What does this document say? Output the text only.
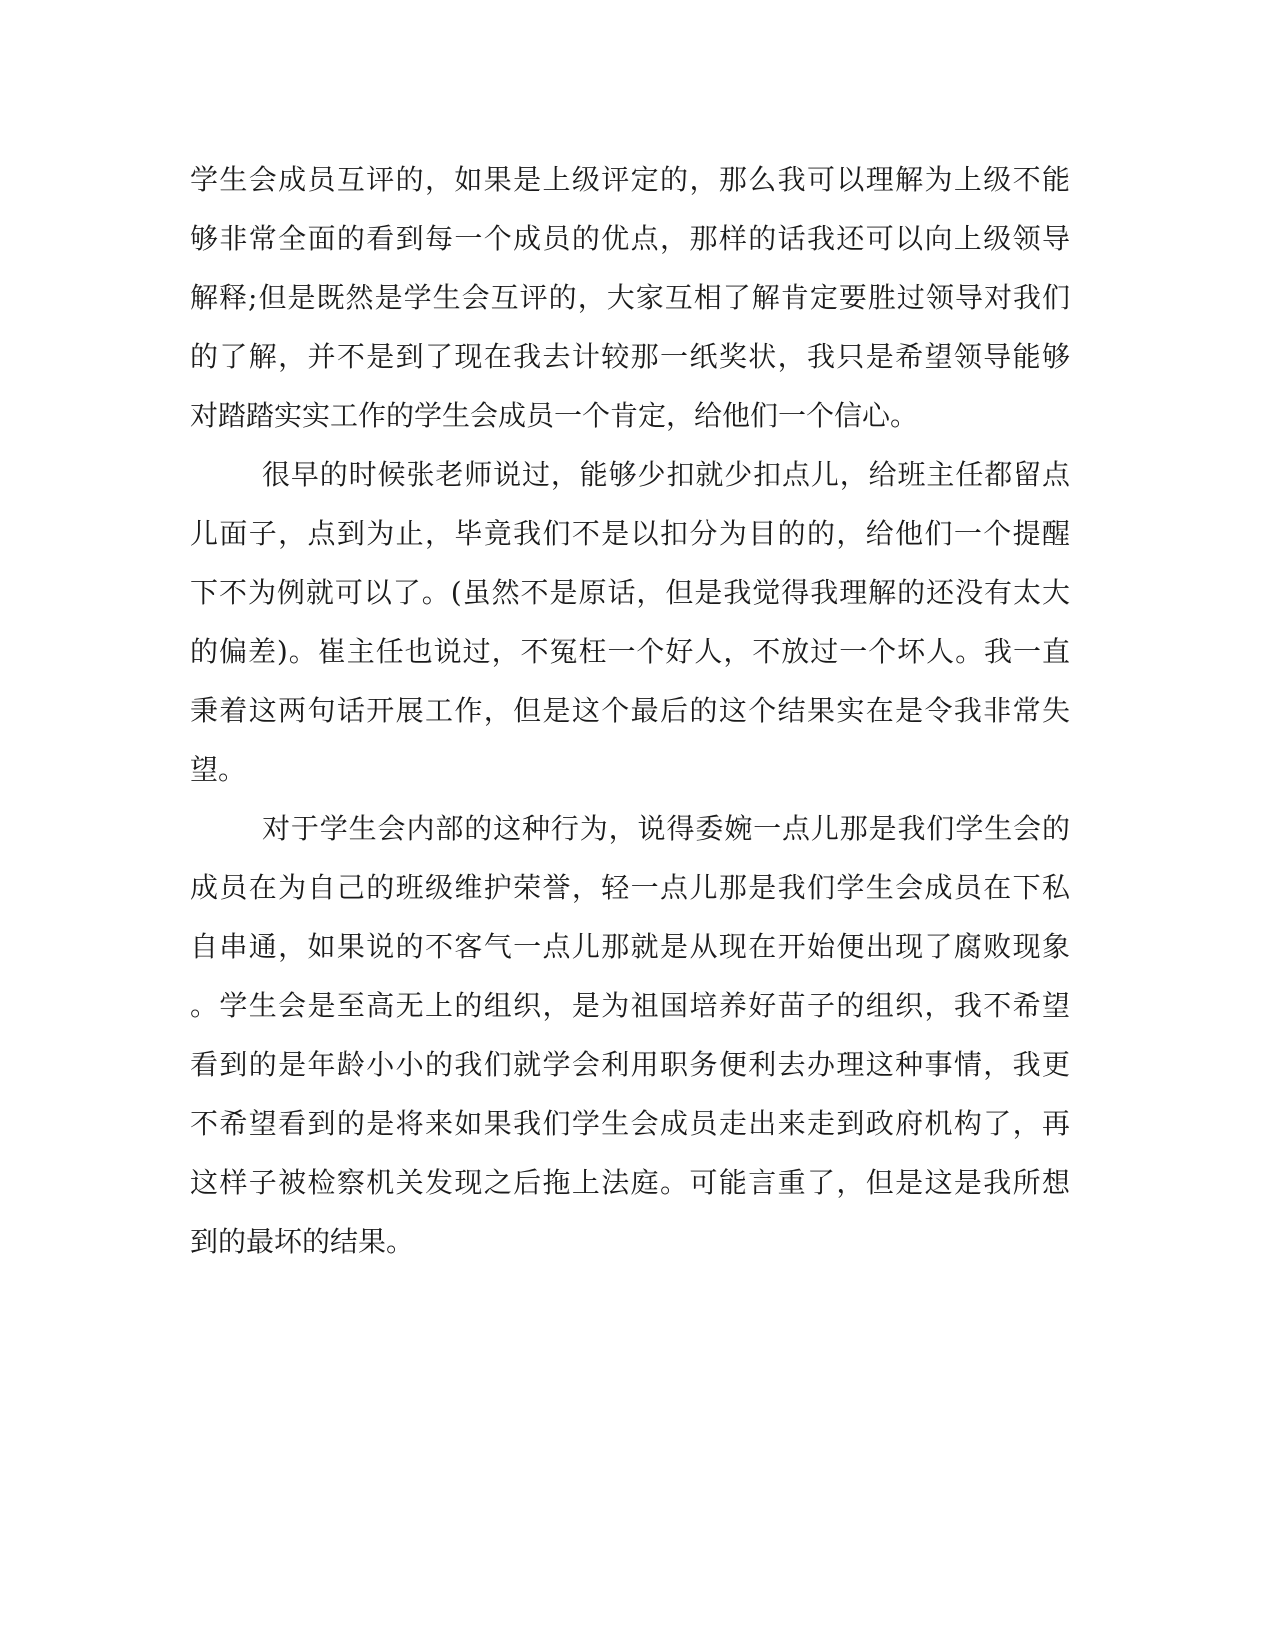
学生会成员互评的，如果是上级评定的，那么我可以理解为上级不能
够非常全面的看到每一个成员的优点，那样的话我还可以向上级领导
解释;但是既然是学生会互评的，大家互相了解肯定要胜过领导对我们
的了解，并不是到了现在我去计较那一纸奖状，我只是希望领导能够
对踏踏实实工作的学生会成员一个肯定，给他们一个信心。
很早的时候张老师说过，能够少扣就少扣点儿，给班主任都留点
儿面子，点到为止，毕竟我们不是以扣分为目的的，给他们一个提醒
下不为例就可以了。(虽然不是原话，但是我觉得我理解的还没有太大
的偏差)。崔主任也说过，不冤枉一个好人，不放过一个坏人。我一直
秉着这两句话开展工作，但是这个最后的这个结果实在是令我非常失
望。
对于学生会内部的这种行为，说得委婉一点儿那是我们学生会的
成员在为自己的班级维护荣誉，轻一点儿那是我们学生会成员在下私
自串通，如果说的不客气一点儿那就是从现在开始便出现了腐败现象
。学生会是至高无上的组织，是为祖国培养好苗子的组织，我不希望
看到的是年龄小小的我们就学会利用职务便利去办理这种事情，我更
不希望看到的是将来如果我们学生会成员走出来走到政府机构了，再
这样子被检察机关发现之后拖上法庭。可能言重了，但是这是我所想
到的最坏的结果。
